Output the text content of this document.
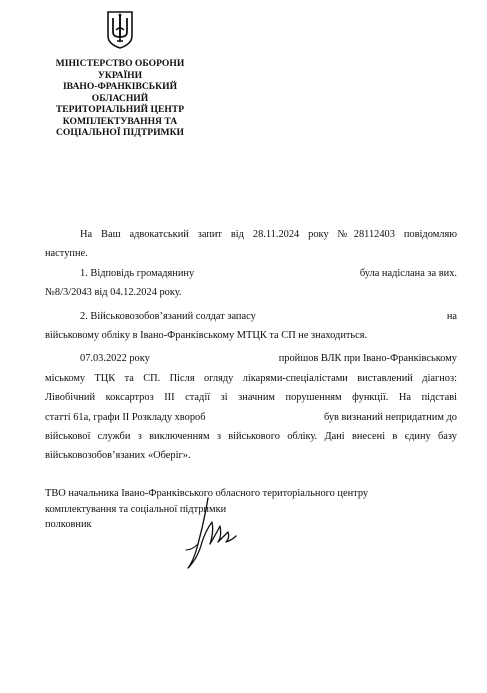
МІНІСТЕРСТВО ОБОРОНИ
УКРАЇНИ
ІВАНО-ФРАНКІВСЬКИЙ
ОБЛАСНИЙ
ТЕРИТОРІАЛЬНИЙ ЦЕНТР
КОМПЛЕКТУВАННЯ ТА
СОЦІАЛЬНОЇ ПІДТРИМКИ
На Ваш адвокатський запит від 28.11.2024 року №28112403 повідомляю
наступне.
1. Відповідь громадянину	була надіслана за вих.
№8/3/2043 від 04.12.2024 року.
2. Військовозобов’язаний солдат запасу	на
військовому обліку в Івано-Франківському МТЦК та СП не знаходиться.
07.03.2022 року	пройшов ВЛК при Івано-Франківському
міському ТЦК та СП. Після огляду лікарями-спеціалістами виставлений діагноз:
Лівобічний коксартроз ІІІ стадії зі значним порушенням функції. На підставі
статті 61а, графи ІІ Розкладу хвороб	був визнаний непридатним до
військової служби з виключенням з військового обліку. Дані внесені в єдину базу
військовозобов’язаних «Оберіг».
ТВО начальника Івано-Франківського обласного територіального центру
комплектування та соціальної підтримки
полковник
